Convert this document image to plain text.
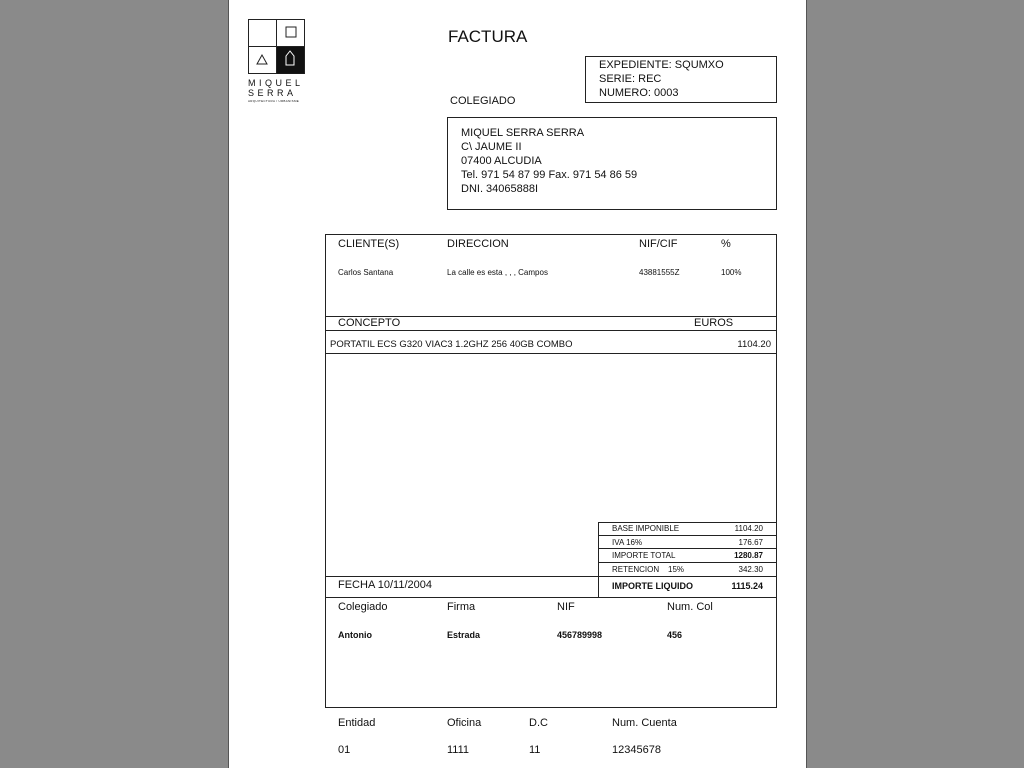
MIQUEL
SERRA
ARQUITECTURA / URBANISME
FACTURA
EXPEDIENTE: SQUMXO
SERIE: REC
NUMERO: 0003
COLEGIADO
MIQUEL SERRA SERRA
C\ JAUME II
07400 ALCUDIA
Tel. 971 54 87 99 Fax. 971 54 86 59
DNI. 34065888I
CLIENTE(S)	DIRECCION	NIF/CIF	%
Carlos Santana	La calle es esta , , , Campos	43881555Z	100%
CONCEPTO	EUROS
PORTATIL ECS G320 VIAC3 1.2GHZ 256 40GB COMBO	1104.20
BASE IMPONIBLE	1104.20
IVA 16%	176.67
IMPORTE TOTAL	1280.87
RETENCION    15%	342.30
FECHA 10/11/2004	IMPORTE LIQUIDO	1115.24
Colegiado	Firma	NIF	Num. Col
Antonio	Estrada	456789998	456
Entidad	Oficina	D.C	Num. Cuenta
01	1111	11	12345678
